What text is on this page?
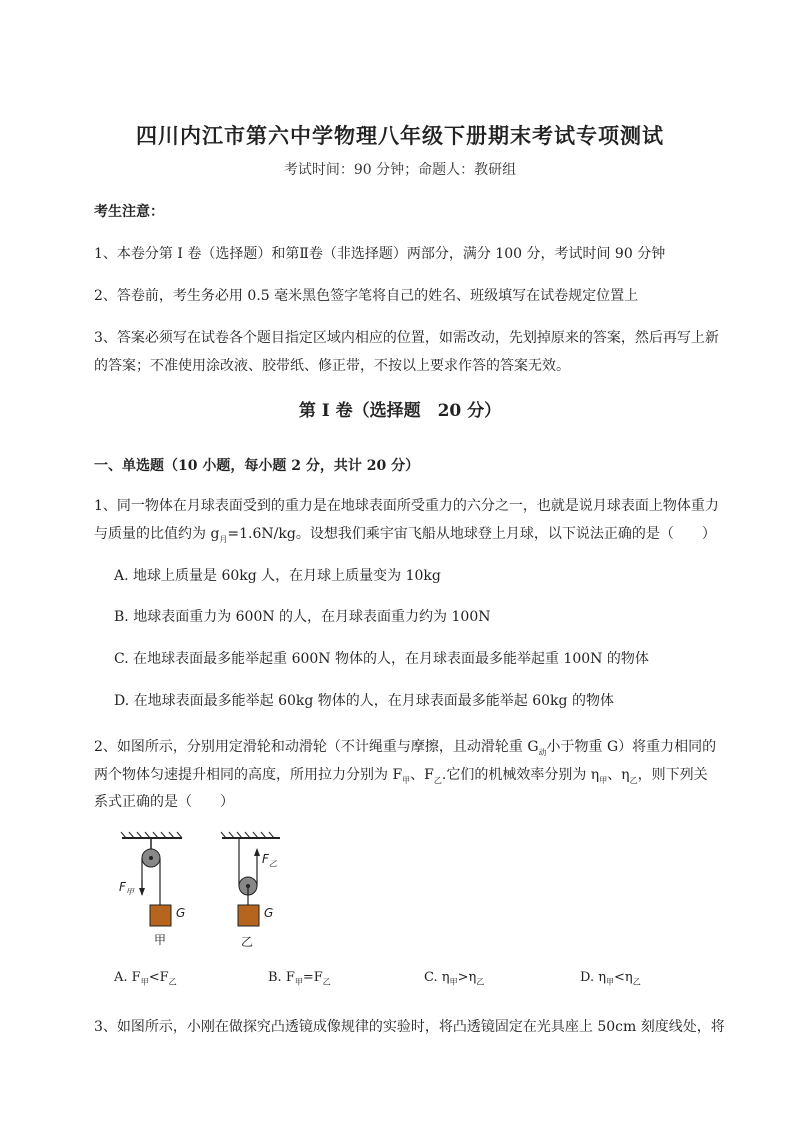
四川内江市第六中学物理八年级下册期末考试专项测试
考试时间：90 分钟；命题人：教研组
考生注意：
1、本卷分第 I 卷（选择题）和第Ⅱ卷（非选择题）两部分，满分 100 分，考试时间 90 分钟
2、答卷前，考生务必用 0.5 毫米黑色签字笔将自己的姓名、班级填写在试卷规定位置上
3、答案必须写在试卷各个题目指定区域内相应的位置，如需改动，先划掉原来的答案，然后再写上新
的答案；不准使用涂改液、胶带纸、修正带，不按以上要求作答的答案无效。
第 I 卷（选择题　20 分）
一、单选题（10 小题，每小题 2 分，共计 20 分）
1、同一物体在月球表面受到的重力是在地球表面所受重力的六分之一，也就是说月球表面上物体重力
与质量的比值约为 $g_月=1.6N/kg$。设想我们乘宇宙飞船从地球登上月球，以下说法正确的是（　　）
A. 地球上质量是 60kg 人，在月球上质量变为 10kg
B. 地球表面重力为 600N 的人，在月球表面重力约为 100N
C. 在地球表面最多能举起重 600N 物体的人，在月球表面最多能举起重 100N 的物体
D. 在地球表面最多能举起 60kg 物体的人，在月球表面最多能举起 60kg 的物体
2、如图所示，分别用定滑轮和动滑轮（不计绳重与摩擦，且动滑轮重 $G_动$小于物重 G）将重力相同的
两个物体匀速提升相同的高度，所用拉力分别为 $F_甲$、$F_乙$.它们的机械效率分别为 $\eta_甲$、$\eta_乙$，则下列关
系式正确的是（　　）
$F_甲$
$F_乙$
G	G
甲	乙
A. $F_甲<F_乙$	B. $F_甲=F_乙$	C. $\eta_甲>\eta_乙$	D. $\eta_甲<\eta_乙$
3、如图所示，小刚在做探究凸透镜成像规律的实验时，将凸透镜固定在光具座上 50cm 刻度线处，将
